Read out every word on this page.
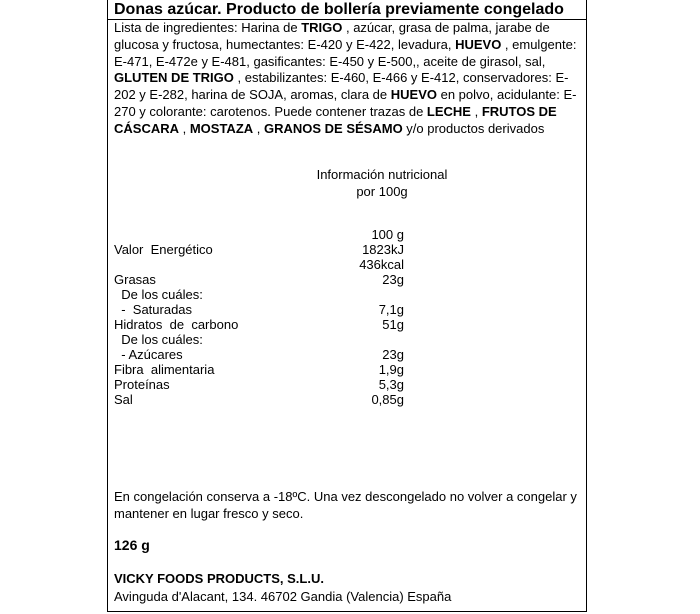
Donas azúcar. Producto de bollería previamente congelado
Lista de ingredientes: Harina de TRIGO , azúcar, grasa de palma, jarabe de glucosa y fructosa, humectantes: E-420 y E-422, levadura, HUEVO , emulgente: E-471, E-472e y E-481, gasificantes: E-450 y E-500,, aceite de girasol, sal, GLUTEN DE TRIGO , estabilizantes: E-460, E-466 y E-412, conservadores: E-202 y E-282, harina de SOJA, aromas, clara de HUEVO en polvo, acidulante: E-270 y colorante: carotenos. Puede contener trazas de LECHE , FRUTOS DE CÁSCARA , MOSTAZA , GRANOS DE SÉSAMO y/o productos derivados
Información nutricional
por 100g
100 g
Valor  Energético	1823kJ
436kcal
Grasas	23g
De los cuáles:
-  Saturadas	7,1g
Hidratos  de  carbono	51g
De los cuáles:
- Azúcares	23g
Fibra  alimentaria	1,9g
Proteínas	5,3g
Sal	0,85g
En congelación conserva a -18ºC. Una vez descongelado no volver a congelar y mantener en lugar fresco y seco.
126 g
VICKY FOODS PRODUCTS, S.L.U.
Avinguda d'Alacant, 134. 46702 Gandia (Valencia) España
